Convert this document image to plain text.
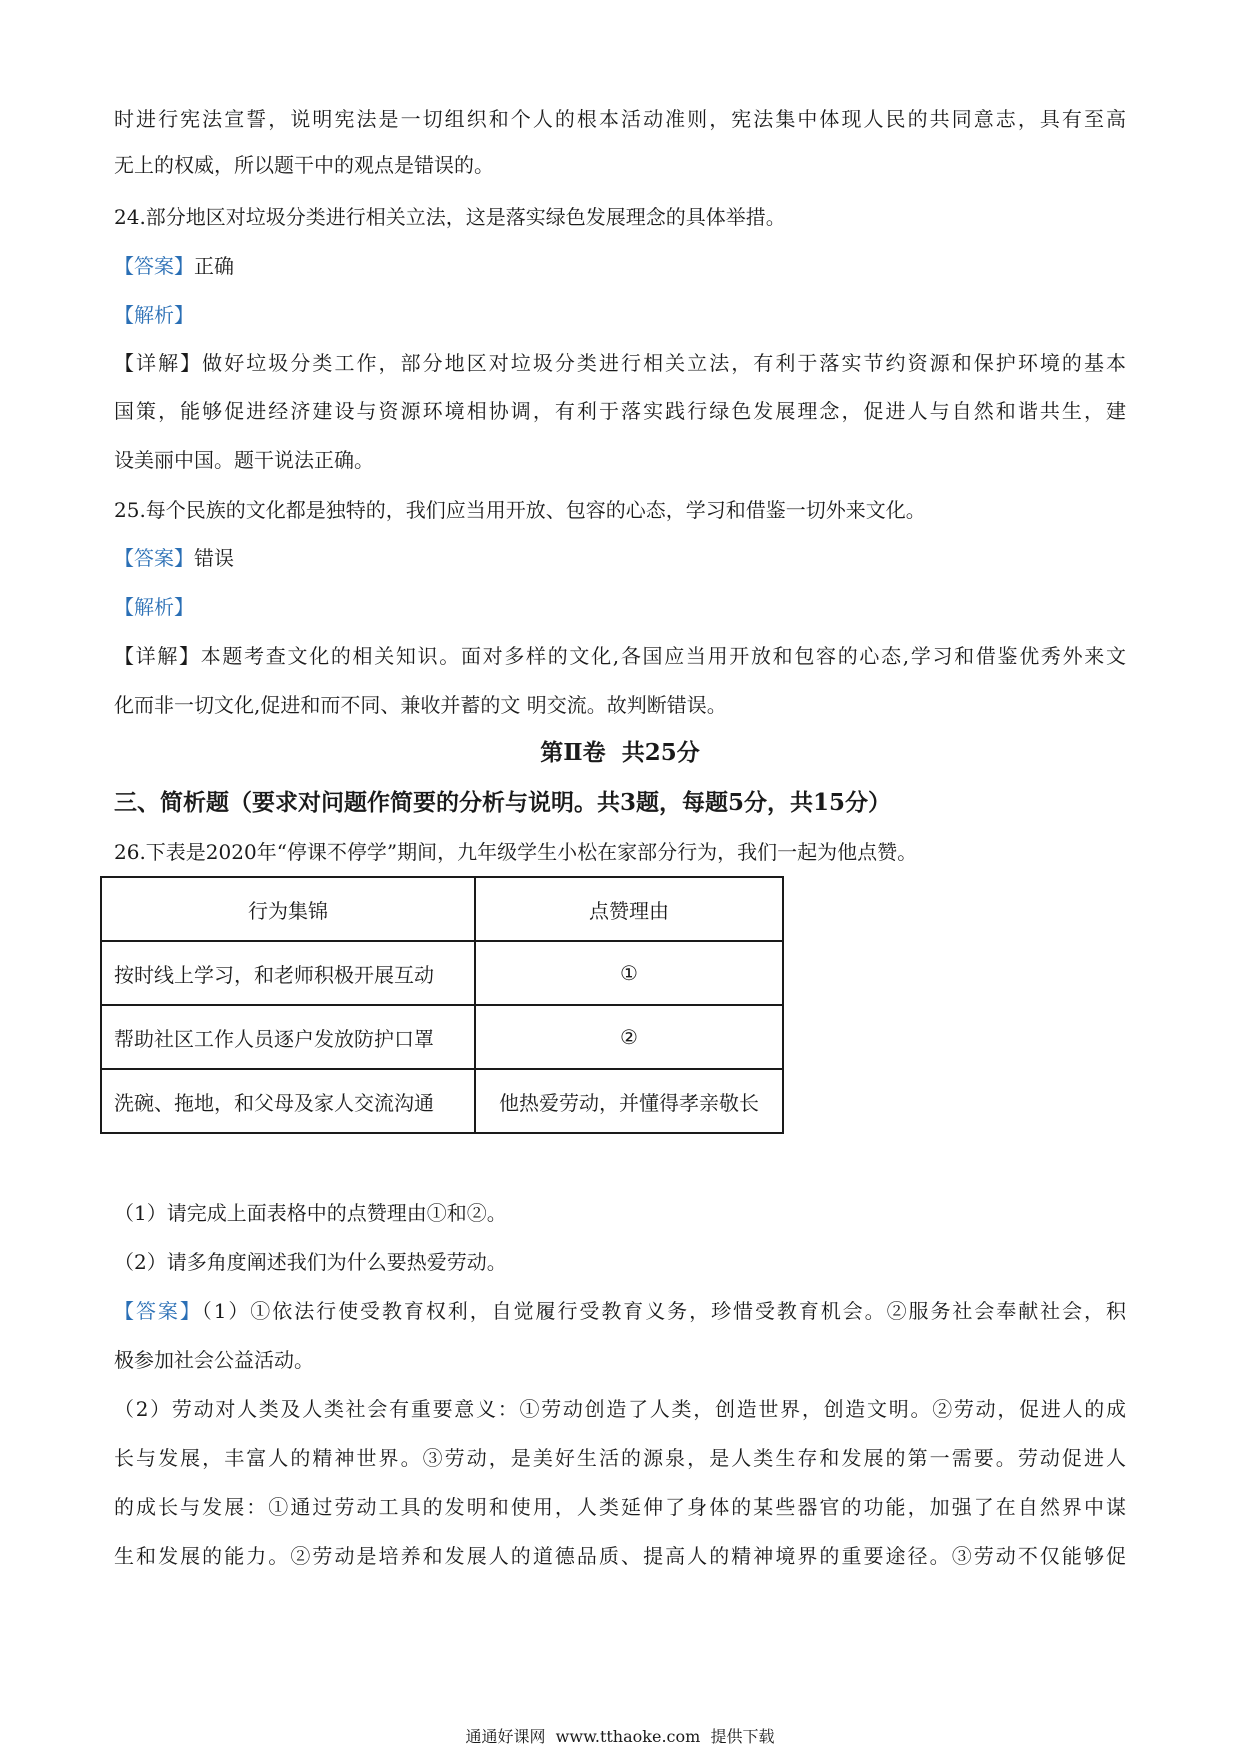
时进行宪法宣誓，说明宪法是一切组织和个人的根本活动准则，宪法集中体现人民的共同意志，具有至高
无上的权威，所以题干中的观点是错误的。
24.部分地区对垃圾分类进行相关立法，这是落实绿色发展理念的具体举措。
【答案】正确
【解析】
【详解】做好垃圾分类工作，部分地区对垃圾分类进行相关立法，有利于落实节约资源和保护环境的基本
国策，能够促进经济建设与资源环境相协调，有利于落实践行绿色发展理念，促进人与自然和谐共生，建
设美丽中国。题干说法正确。
25.每个民族的文化都是独特的，我们应当用开放、包容的心态，学习和借鉴一切外来文化。
【答案】错误
【解析】
【详解】本题考查文化的相关知识。面对多样的文化,各国应当用开放和包容的心态,学习和借鉴优秀外来文
化而非一切文化,促进和而不同、兼收并蓄的文 明交流。故判断错误。
第Ⅱ卷  共25分
三、简析题（要求对问题作简要的分析与说明。共3题，每题5分，共15分）
26.下表是2020年“停课不停学”期间，九年级学生小松在家部分行为，我们一起为他点赞。
行为集锦	点赞理由
按时线上学习，和老师积极开展互动	①
帮助社区工作人员逐户发放防护口罩	②
洗碗、拖地，和父母及家人交流沟通	他热爱劳动，并懂得孝亲敬长
（1）请完成上面表格中的点赞理由①和②。
（2）请多角度阐述我们为什么要热爱劳动。
【答案】（1）①依法行使受教育权利，自觉履行受教育义务，珍惜受教育机会。②服务社会奉献社会，积
极参加社会公益活动。
（2）劳动对人类及人类社会有重要意义：①劳动创造了人类，创造世界，创造文明。②劳动，促进人的成
长与发展，丰富人的精神世界。③劳动，是美好生活的源泉，是人类生存和发展的第一需要。劳动促进人
的成长与发展：①通过劳动工具的发明和使用，人类延伸了身体的某些器官的功能，加强了在自然界中谋
生和发展的能力。②劳动是培养和发展人的道德品质、提高人的精神境界的重要途径。③劳动不仅能够促
通通好课网  www.tthaoke.com  提供下载
